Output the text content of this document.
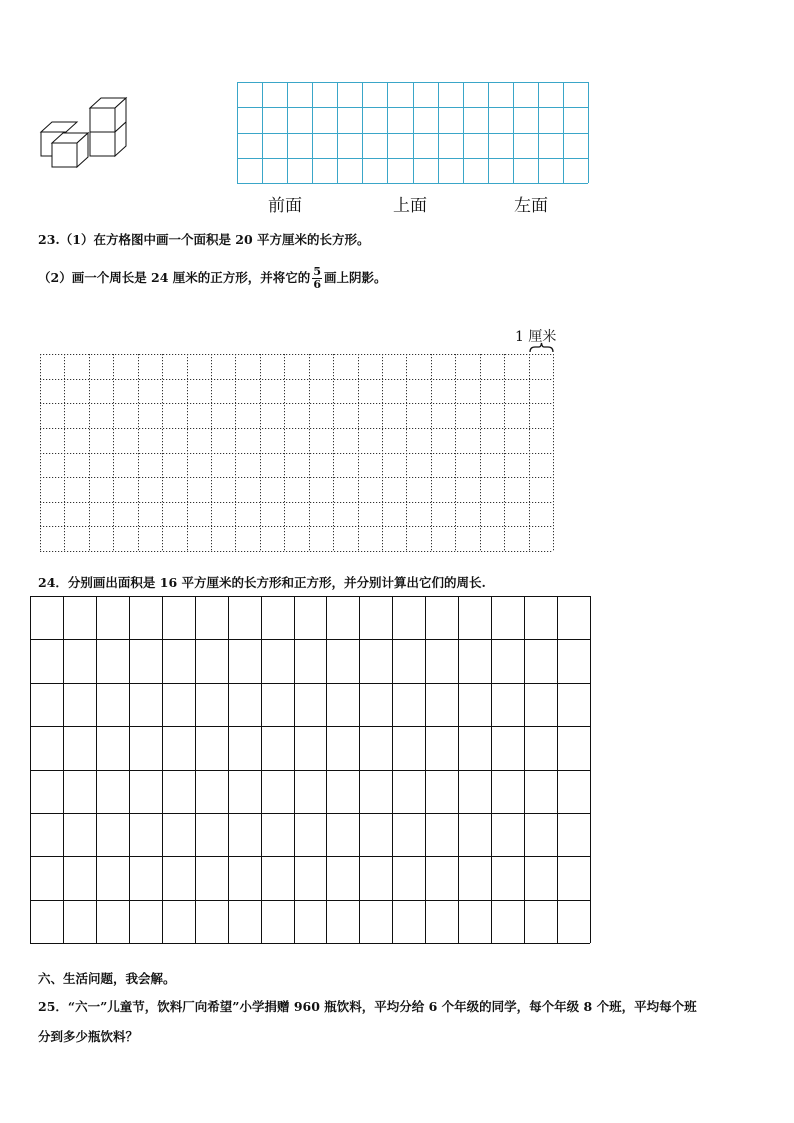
前面	上面	左面
23.（1）在方格图中画一个面积是 20 平方厘米的长方形。
（2）画一个周长是 24 厘米的正方形，并将它的 $\frac{5}{6}$ 画上阴影。
1 厘米
24．分别画出面积是 16 平方厘米的长方形和正方形，并分别计算出它们的周长.
六、生活问题，我会解。
25．“六一”儿童节，饮料厂向希望”小学捐赠 960 瓶饮料，平均分给 6 个年级的同学，每个年级 8 个班，平均每个班
分到多少瓶饮料？
